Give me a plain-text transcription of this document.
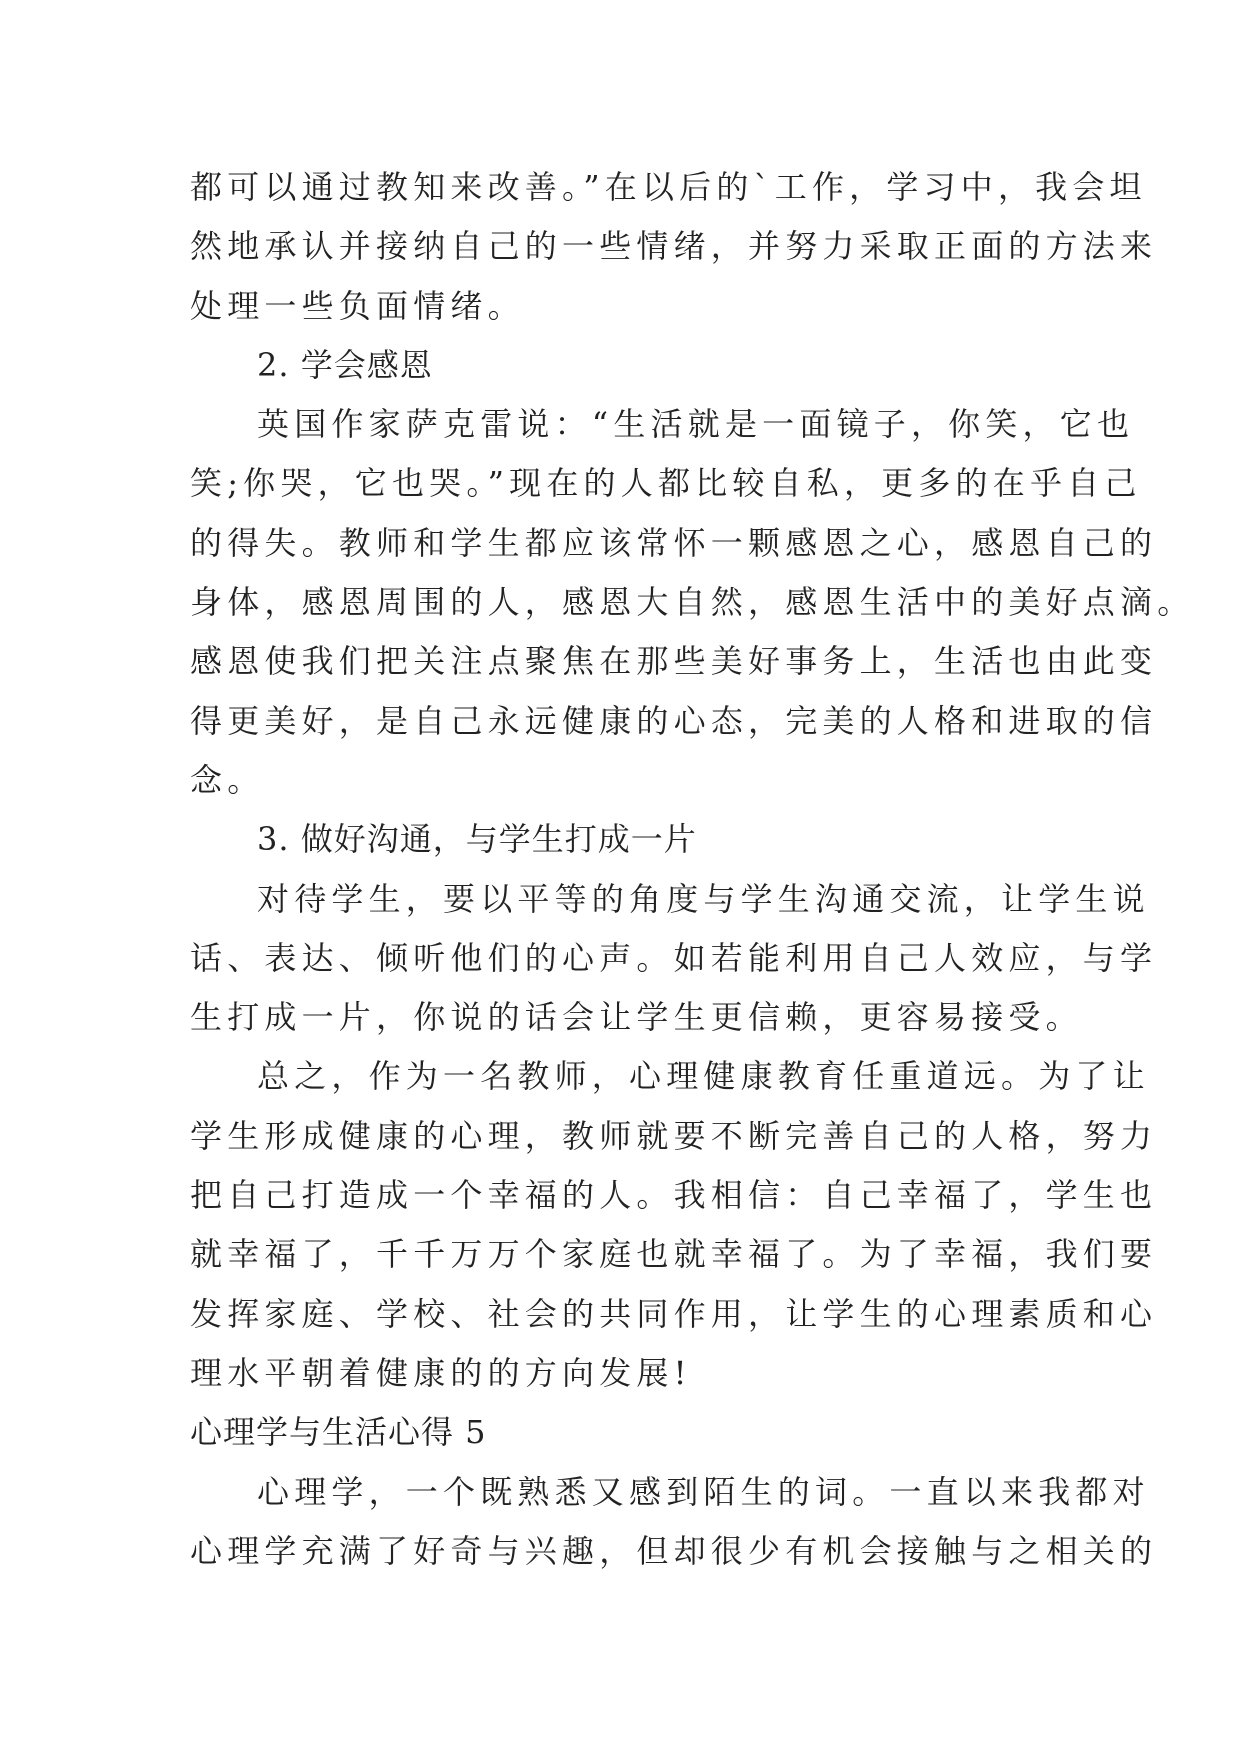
都可以通过教知来改善。”在以后的`工作，学习中，我会坦
然地承认并接纳自己的一些情绪，并努力采取正面的方法来
处理一些负面情绪。
2. 学会感恩
英国作家萨克雷说：“生活就是一面镜子，你笑，它也
笑;你哭，它也哭。”现在的人都比较自私，更多的在乎自己
的得失。教师和学生都应该常怀一颗感恩之心，感恩自己的
身体，感恩周围的人，感恩大自然，感恩生活中的美好点滴。
感恩使我们把关注点聚焦在那些美好事务上，生活也由此变
得更美好，是自己永远健康的心态，完美的人格和进取的信
念。
3. 做好沟通，与学生打成一片
对待学生，要以平等的角度与学生沟通交流，让学生说
话、表达、倾听他们的心声。如若能利用自己人效应，与学
生打成一片，你说的话会让学生更信赖，更容易接受。
总之，作为一名教师，心理健康教育任重道远。为了让
学生形成健康的心理，教师就要不断完善自己的人格，努力
把自己打造成一个幸福的人。我相信：自己幸福了，学生也
就幸福了，千千万万个家庭也就幸福了。为了幸福，我们要
发挥家庭、学校、社会的共同作用，让学生的心理素质和心
理水平朝着健康的的方向发展!
心理学与生活心得 5
心理学，一个既熟悉又感到陌生的词。一直以来我都对
心理学充满了好奇与兴趣，但却很少有机会接触与之相关的
